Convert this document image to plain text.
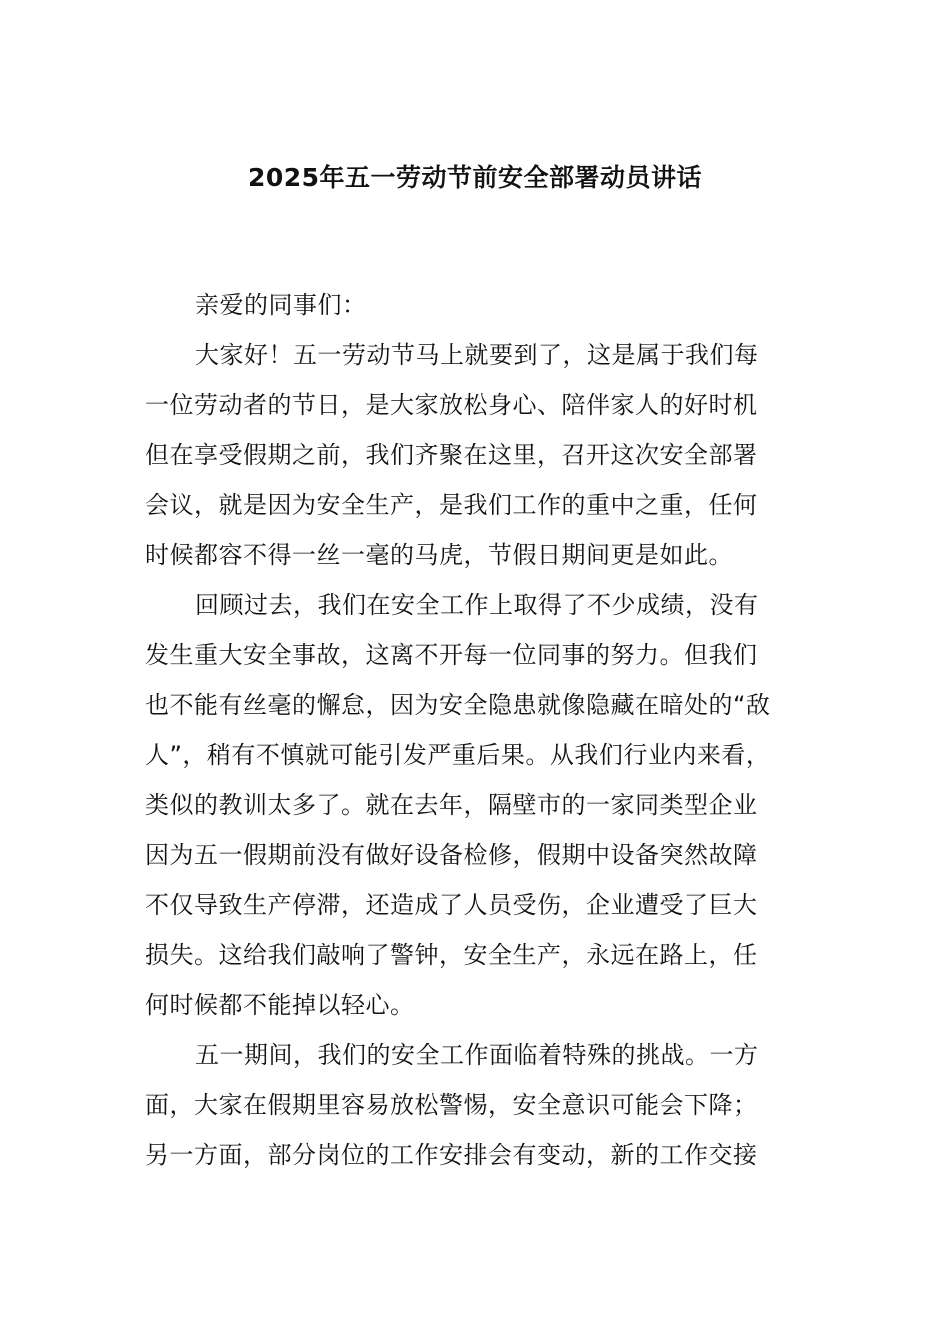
2025年五一劳动节前安全部署动员讲话

亲爱的同事们：

大家好！五一劳动节马上就要到了，这是属于我们每
一位劳动者的节日，是大家放松身心、陪伴家人的好时机
但在享受假期之前，我们齐聚在这里，召开这次安全部署
会议，就是因为安全生产，是我们工作的重中之重，任何
时候都容不得一丝一毫的马虎，节假日期间更是如此。

回顾过去，我们在安全工作上取得了不少成绩，没有
发生重大安全事故，这离不开每一位同事的努力。但我们
也不能有丝毫的懈怠，因为安全隐患就像隐藏在暗处的“敌
人”，稍有不慎就可能引发严重后果。从我们行业内来看，
类似的教训太多了。就在去年，隔壁市的一家同类型企业
因为五一假期前没有做好设备检修，假期中设备突然故障
不仅导致生产停滞，还造成了人员受伤，企业遭受了巨大
损失。这给我们敲响了警钟，安全生产，永远在路上，任
何时候都不能掉以轻心。

五一期间，我们的安全工作面临着特殊的挑战。一方
面，大家在假期里容易放松警惕，安全意识可能会下降；
另一方面，部分岗位的工作安排会有变动，新的工作交接
